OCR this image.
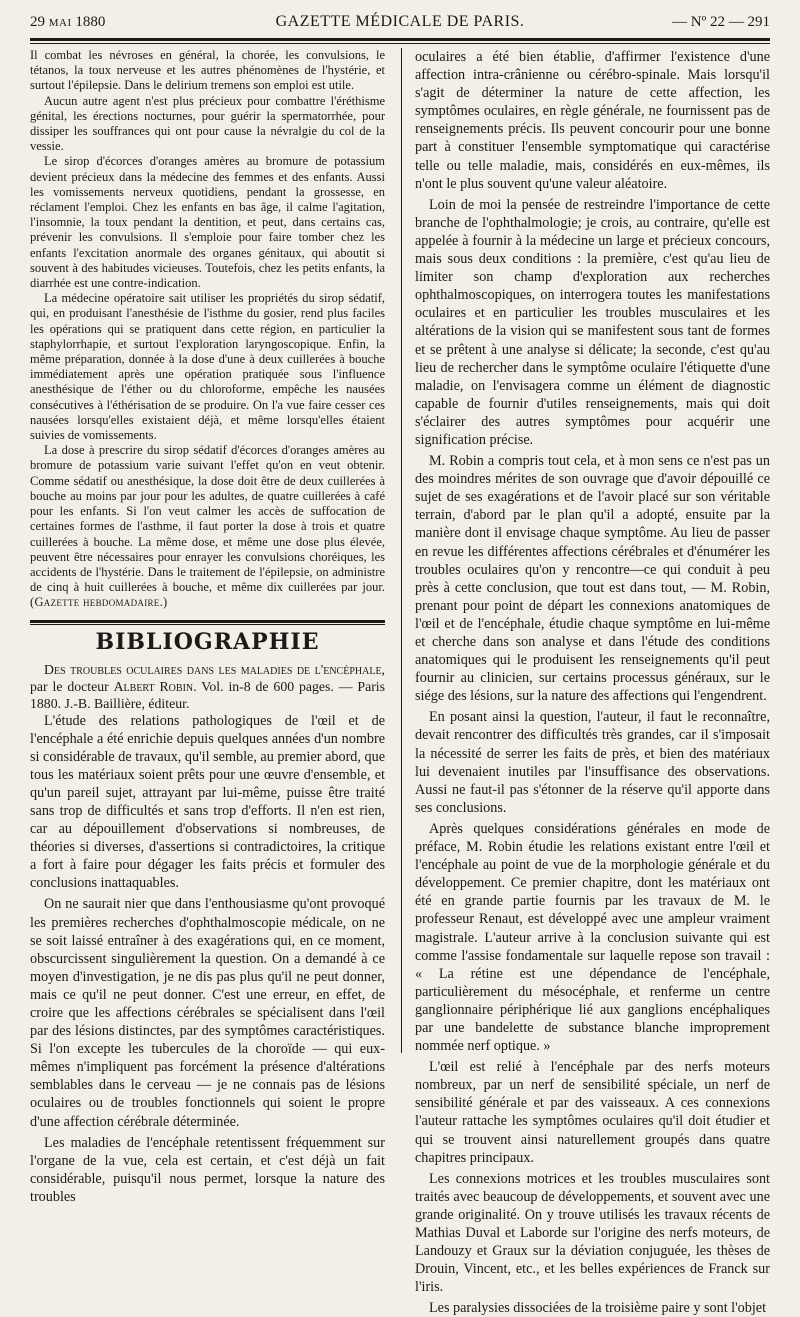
29 MAI 1880	GAZETTE MÉDICALE DE PARIS.	— Nº 22 — 291

Il combat les névroses en général, la chorée, les convulsions, le tétanos, la toux nerveuse et les autres phénomènes de l'hystérie, et surtout l'épilepsie. Dans le delirium tremens son emploi est utile.

Aucun autre agent n'est plus précieux pour combattre l'éréthisme génital, les érections nocturnes, pour guérir la spermatorrhée, pour dissiper les souffrances qui ont pour cause la névralgie du col de la vessie.

Le sirop d'écorces d'oranges amères au bromure de potassium devient précieux dans la médecine des femmes et des enfants. Aussi les vomissements nerveux quotidiens, pendant la grossesse, en réclament l'emploi. Chez les enfants en bas âge, il calme l'agitation, l'insomnie, la toux pendant la dentition, et peut, dans certains cas, prévenir les convulsions. Il s'emploie pour faire tomber chez les enfants l'excitation anormale des organes génitaux, qui aboutit si souvent à des habitudes vicieuses. Toutefois, chez les petits enfants, la diarrhée est une contre-indication.

La médecine opératoire sait utiliser les propriétés du sirop sédatif, qui, en produisant l'anesthésie de l'isthme du gosier, rend plus faciles les opérations qui se pratiquent dans cette région, en particulier la staphylorrhapie, et surtout l'exploration laryngoscopique. Enfin, la même préparation, donnée à la dose d'une à deux cuillerées à bouche immédiatement après une opération pratiquée sous l'influence anesthésique de l'éther ou du chloroforme, empêche les nausées consécutives à l'éthérisation de se produire. On l'a vue faire cesser ces nausées lorsqu'elles existaient déjà, et même lorsqu'elles étaient suivies de vomissements.

La dose à prescrire du sirop sédatif d'écorces d'oranges amères au bromure de potassium varie suivant l'effet qu'on en veut obtenir. Comme sédatif ou anesthésique, la dose doit être de deux cuillerées à bouche au moins par jour pour les adultes, de quatre cuillerées à café pour les enfants. Si l'on veut calmer les accès de suffocation de certaines formes de l'asthme, il faut porter la dose à trois et quatre cuillerées à bouche. La même dose, et même une dose plus élevée, peuvent être nécessaires pour enrayer les convulsions choréiques, les accidents de l'hystérie. Dans le traitement de l'épilepsie, on administre de cinq à huit cuillerées à bouche, et même dix cuillerées par jour. (Gazette hebdomadaire.)

BIBLIOGRAPHIE

Des troubles oculaires dans les maladies de l'encéphale, par le docteur Albert Robin. Vol. in-8 de 600 pages. — Paris 1880. J.-B. Baillière, éditeur.

L'étude des relations pathologiques de l'œil et de l'encéphale a été enrichie depuis quelques années d'un nombre si considérable de travaux, qu'il semble, au premier abord, que tous les matériaux soient prêts pour une œuvre d'ensemble, et qu'un pareil sujet, attrayant par lui-même, puisse être traité sans trop de difficultés et sans trop d'efforts. Il n'en est rien, car au dépouillement d'observations si nombreuses, de théories si diverses, d'assertions si contradictoires, la critique a fort à faire pour dégager les faits précis et formuler des conclusions inattaquables.

On ne saurait nier que dans l'enthousiasme qu'ont provoqué les premières recherches d'ophthalmoscopie médicale, on ne se soit laissé entraîner à des exagérations qui, en ce moment, obscurcissent singulièrement la question. On a demandé à ce moyen d'investigation, je ne dis pas plus qu'il ne peut donner, mais ce qu'il ne peut donner. C'est une erreur, en effet, de croire que les affections cérébrales se spécialisent dans l'œil par des lésions distinctes, par des symptômes caractéristiques. Si l'on excepte les tubercules de la choroïde — qui eux-mêmes n'impliquent pas forcément la présence d'altérations semblables dans le cerveau — je ne connais pas de lésions oculaires ou de troubles fonctionnels qui soient le propre d'une affection cérébrale déterminée.

Les maladies de l'encéphale retentissent fréquemment sur l'organe de la vue, cela est certain, et c'est déjà un fait considérable, puisqu'il nous permet, lorsque la nature des troubles

oculaires a été bien établie, d'affirmer l'existence d'une affection intra-crânienne ou cérébro-spinale. Mais lorsqu'il s'agit de déterminer la nature de cette affection, les symptômes oculaires, en règle générale, ne fournissent pas de renseignements précis. Ils peuvent concourir pour une bonne part à constituer l'ensemble symptomatique qui caractérise telle ou telle maladie, mais, considérés en eux-mêmes, ils n'ont le plus souvent qu'une valeur aléatoire.

Loin de moi la pensée de restreindre l'importance de cette branche de l'ophthalmologie; je crois, au contraire, qu'elle est appelée à fournir à la médecine un large et précieux concours, mais sous deux conditions : la première, c'est qu'au lieu de limiter son champ d'exploration aux recherches ophthalmoscopiques, on interrogera toutes les manifestations oculaires et en particulier les troubles musculaires et les altérations de la vision qui se manifestent sous tant de formes et se prêtent à une analyse si délicate; la seconde, c'est qu'au lieu de rechercher dans le symptôme oculaire l'étiquette d'une maladie, on l'envisagera comme un élément de diagnostic capable de fournir d'utiles renseignements, mais qui doit s'éclairer des autres symptômes pour acquérir une signification précise.

M. Robin a compris tout cela, et à mon sens ce n'est pas un des moindres mérites de son ouvrage que d'avoir dépouillé ce sujet de ses exagérations et de l'avoir placé sur son véritable terrain, d'abord par le plan qu'il a adopté, ensuite par la manière dont il envisage chaque symptôme. Au lieu de passer en revue les différentes affections cérébrales et d'énumérer les troubles oculaires qu'on y rencontre—ce qui conduit à peu près à cette conclusion, que tout est dans tout, — M. Robin, prenant pour point de départ les connexions anatomiques de l'œil et de l'encéphale, étudie chaque symptôme en lui-même et cherche dans son analyse et dans l'étude des conditions anatomiques qui le produisent les renseignements qu'il peut fournir au clinicien, sur certains processus généraux, sur le siége des lésions, sur la nature des affections qui l'engendrent.

En posant ainsi la question, l'auteur, il faut le reconnaître, devait rencontrer des difficultés très grandes, car il s'imposait la nécessité de serrer les faits de près, et bien des matériaux lui devenaient inutiles par l'insuffisance des observations. Aussi ne faut-il pas s'étonner de la réserve qu'il apporte dans ses conclusions.

Après quelques considérations générales en mode de préface, M. Robin étudie les relations existant entre l'œil et l'encéphale au point de vue de la morphologie générale et du développement. Ce premier chapitre, dont les matériaux ont été en grande partie fournis par les travaux de M. le professeur Renaut, est développé avec une ampleur vraiment magistrale. L'auteur arrive à la conclusion suivante qui est comme l'assise fondamentale sur laquelle repose son travail : « La rétine est une dépendance de l'encéphale, particulièrement du mésocéphale, et renferme un centre ganglionnaire périphérique lié aux ganglions encéphaliques par une bandelette de substance blanche improprement nommée nerf optique. »

L'œil est relié à l'encéphale par des nerfs moteurs nombreux, par un nerf de sensibilité spéciale, un nerf de sensibilité générale et par des vaisseaux. A ces connexions l'auteur rattache les symptômes oculaires qu'il doit étudier et qui se trouvent ainsi naturellement groupés dans quatre chapitres principaux.

Les connexions motrices et les troubles musculaires sont traités avec beaucoup de développements, et souvent avec une grande originalité. On y trouve utilisés les travaux récents de Mathias Duval et Laborde sur l'origine des nerfs moteurs, de Landouzy et Graux sur la déviation conjuguée, les thèses de Drouin, Vincent, etc., et les belles expériences de Franck sur l'iris.

Les paralysies dissociées de la troisième paire y sont l'objet
